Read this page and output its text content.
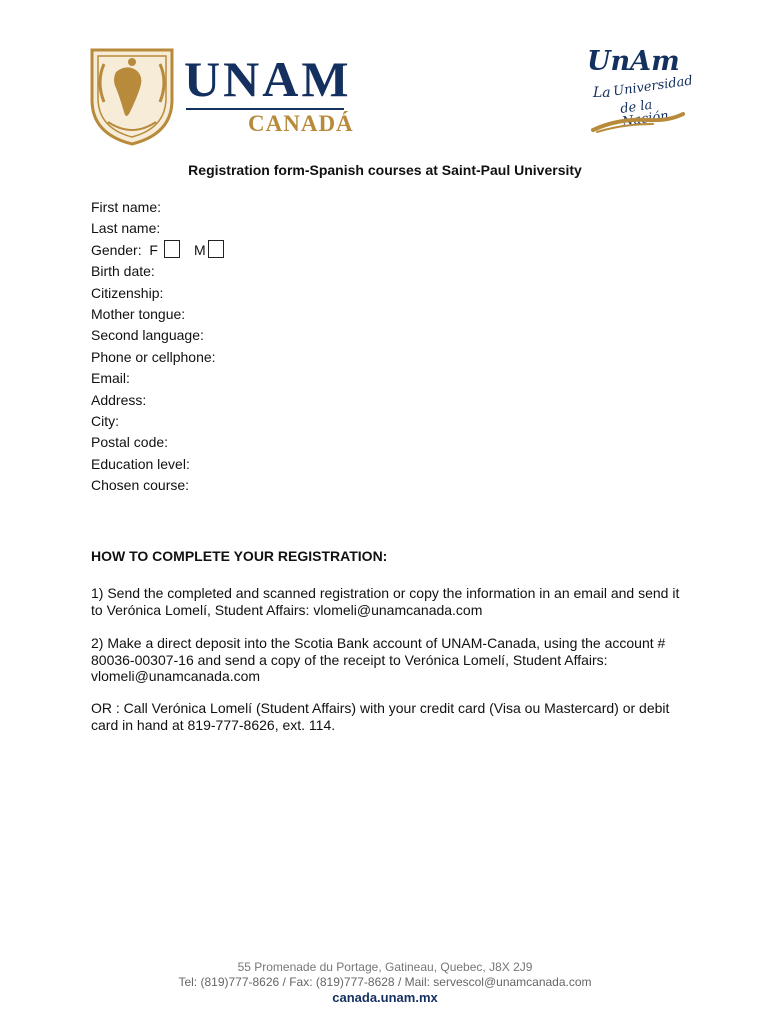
UNAM
CANADÁ
UnAm
La Universidad
de la Nación
Registration form-Spanish courses at Saint-Paul University
First name:
Last name:
Gender: F	M
Birth date:
Citizenship:
Mother tongue:
Second language:
Phone or cellphone:
Email:
Address:
City:
Postal code:
Education level:
Chosen course:
HOW TO COMPLETE YOUR REGISTRATION:
1) Send the completed and scanned registration or copy the information in an email and send it to Verónica Lomelí, Student Affairs: vlomeli@unamcanada.com
2) Make a direct deposit into the Scotia Bank account of UNAM-Canada, using the account # 80036-00307-16 and send a copy of the receipt to Verónica Lomelí, Student Affairs: vlomeli@unamcanada.com
OR : Call Verónica Lomelí (Student Affairs) with your credit card (Visa ou Mastercard) or debit card in hand at 819-777-8626, ext. 114.
55 Promenade du Portage, Gatineau, Quebec, J8X 2J9
Tel: (819)777-8626 / Fax: (819)777-8628 / Mail: servescol@unamcanada.com
canada.unam.mx
